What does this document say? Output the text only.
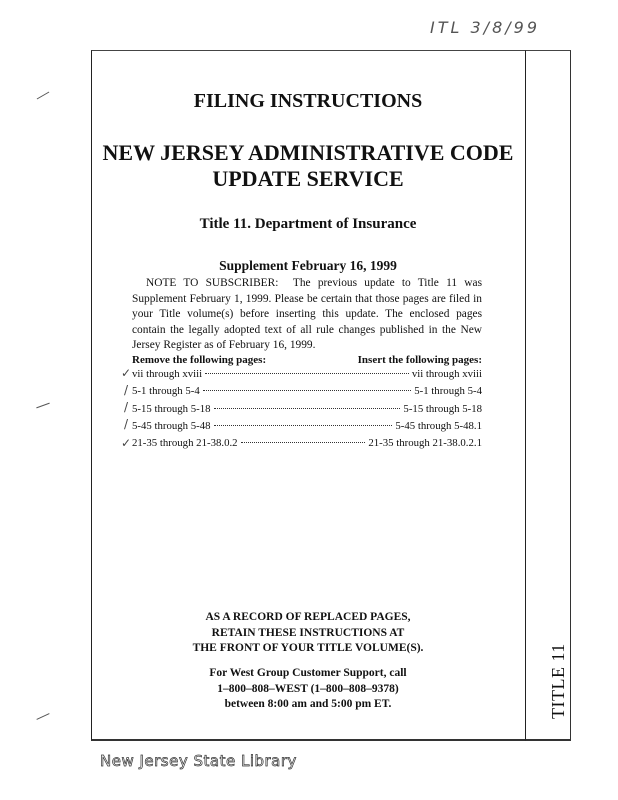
ITL 3/8/99
TITLE 11
FILING INSTRUCTIONS
NEW JERSEY ADMINISTRATIVE CODE
UPDATE SERVICE
Title 11. Department of Insurance
Supplement February 16, 1999
NOTE TO SUBSCRIBER: The previous update to Title 11 was Supplement February 1, 1999. Please be certain that those pages are filed in your Title volume(s) before inserting this update. The enclosed pages contain the legally adopted text of all rule changes published in the New Jersey Register as of February 16, 1999.
Remove the following pages:	Insert the following pages:
vii through xviii	vii through xviii
5-1 through 5-4	5-1 through 5-4
5-15 through 5-18	5-15 through 5-18
5-45 through 5-48	5-45 through 5-48.1
21-35 through 21-38.0.2	21-35 through 21-38.0.2.1
✓
/
/
/
✓
AS A RECORD OF REPLACED PAGES,
RETAIN THESE INSTRUCTIONS AT
THE FRONT OF YOUR TITLE VOLUME(S).
For West Group Customer Support, call
1–800–808–WEST (1–800–808–9378)
between 8:00 am and 5:00 pm ET.
New Jersey State Library
